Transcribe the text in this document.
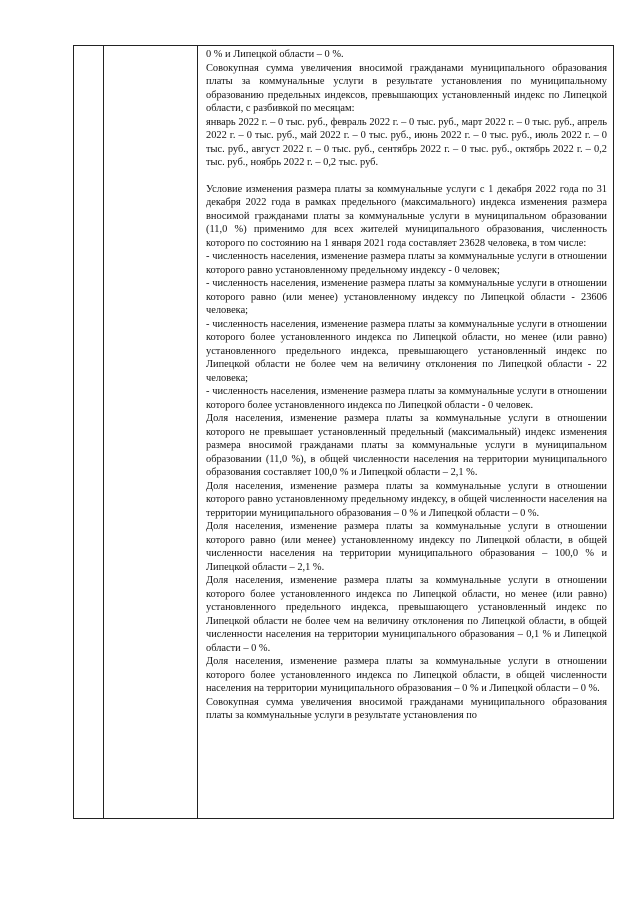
0 % и Липецкой области – 0 %.

Совокупная сумма увеличения вносимой гражданами муниципального образования платы за коммунальные услуги в результате установления по муниципальному образованию предельных индексов, превышающих установленный индекс по Липецкой области, с разбивкой по месяцам:

январь 2022 г. – 0 тыс. руб., февраль 2022 г. – 0 тыс. руб., март 2022 г. – 0 тыс. руб., апрель 2022 г. – 0 тыс. руб., май 2022 г. – 0 тыс. руб., июнь 2022 г. – 0 тыс. руб., июль 2022 г. – 0 тыс. руб., август 2022 г. – 0 тыс. руб., сентябрь 2022 г. – 0 тыс. руб., октябрь 2022 г. – 0,2 тыс. руб., ноябрь 2022 г. – 0,2 тыс. руб.

Условие изменения размера платы за коммунальные услуги с 1 декабря 2022 года по 31 декабря 2022 года в рамках предельного (максимального) индекса изменения размера вносимой гражданами платы за коммунальные услуги в муниципальном образовании (11,0 %) применимо для всех жителей муниципального образования, численность которого по состоянию на 1 января 2021 года составляет 23628 человека, в том числе:

- численность населения, изменение размера платы за коммунальные услуги в отношении которого равно установленному предельному индексу - 0 человек;

- численность населения, изменение размера платы за коммунальные услуги в отношении которого равно (или менее) установленному индексу по Липецкой области - 23606 человека;

- численность населения, изменение размера платы за коммунальные услуги в отношении которого более установленного индекса по Липецкой области, но менее (или равно) установленного предельного индекса, превышающего установленный индекс по Липецкой области не более чем на величину отклонения по Липецкой области - 22 человека;

- численность населения, изменение размера платы за коммунальные услуги в отношении которого более установленного индекса по Липецкой области - 0 человек.

Доля населения, изменение размера платы за коммунальные услуги в отношении которого не превышает установленный предельный (максимальный) индекс изменения размера вносимой гражданами платы за коммунальные услуги в муниципальном образовании (11,0 %), в общей численности населения на территории муниципального образования составляет 100,0 % и Липецкой области – 2,1 %.

Доля населения, изменение размера платы за коммунальные услуги в отношении которого равно установленному предельному индексу, в общей численности населения на территории муниципального образования – 0 % и Липецкой области – 0 %.

Доля населения, изменение размера платы за коммунальные услуги в отношении которого равно (или менее) установленному индексу по Липецкой области, в общей численности населения на территории муниципального образования – 100,0 % и Липецкой области – 2,1 %.

Доля населения, изменение размера платы за коммунальные услуги в отношении которого более установленного индекса по Липецкой области, но менее (или равно) установленного предельного индекса, превышающего установленный индекс по Липецкой области не более чем на величину отклонения по Липецкой области, в общей численности населения на территории муниципального образования – 0,1 % и Липецкой области – 0 %.

Доля населения, изменение размера платы за коммунальные услуги в отношении которого более установленного индекса по Липецкой области, в общей численности населения на территории муниципального образования – 0 % и Липецкой области – 0 %.

Совокупная сумма увеличения вносимой гражданами муниципального образования платы за коммунальные услуги в результате установления по
